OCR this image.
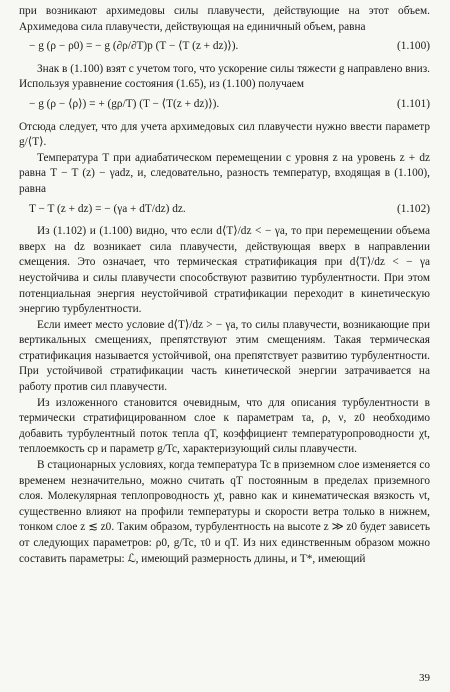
при возникают архимедовы силы плавучести, действующие на этот объем. Архимедова сила плавучести, действующая на единичный объем, равна

− g (ρ − ρ0) = − g (∂ρ/∂T)p (T − ⟨T (z + dz)⟩).	(1.100)

Знак в (1.100) взят с учетом того, что ускорение силы тяжести g направлено вниз. Используя уравнение состояния (1.65), из (1.100) получаем

− g (ρ − ⟨ρ⟩) = + (gρ/T) (T − ⟨T(z + dz)⟩).	(1.101)

Отсюда следует, что для учета архимедовых сил плавучести нужно ввести параметр g/⟨T⟩.

Температура T при адиабатическом перемещении с уровня z на уровень z + dz равна T − T (z) − γadz, и, следовательно, разность температур, входящая в (1.100), равна

T − T (z + dz) = − (γa + dT/dz) dz.	(1.102)

Из (1.102) и (1.100) видно, что если d⟨T⟩/dz < − γa, то при перемещении объема вверх на dz возникает сила плавучести, действующая вверх в направлении смещения. Это означает, что термическая стратификация при d⟨T⟩/dz < − γa неустойчива и силы плавучести способствуют развитию турбулентности. При этом потенциальная энергия неустойчивой стратификации переходит в кинетическую энергию турбулентности.

Если имеет место условие d⟨T⟩/dz > − γa, то силы плавучести, возникающие при вертикальных смещениях, препятствуют этим смещениям. Такая термическая стратификация называется устойчивой, она препятствует развитию турбулентности. При устойчивой стратификации часть кинетической энергии затрачивается на работу против сил плавучести.

Из изложенного становится очевидным, что для описания турбулентности в термически стратифицированном слое к параметрам τa, ρ, ν, z0 необходимо добавить турбулентный поток тепла qT, коэффициент температуропроводности χt, теплоемкость cp и параметр g/Tc, характеризующий силы плавучести.

В стационарных условиях, когда температура Tc в приземном слое изменяется со временем незначительно, можно считать qT постоянным в пределах приземного слоя. Молекулярная теплопроводность χt, равно как и кинематическая вязкость νt, существенно влияют на профили температуры и скорости ветра только в нижнем, тонком слое z ≲ z0. Таким образом, турбулентность на высоте z ≫ z0 будет зависеть от следующих параметров: ρ0, g/Tc, τ0 и qT. Из них единственным образом можно составить параметры: ℒ, имеющий размерность длины, и T*, имеющий

39
